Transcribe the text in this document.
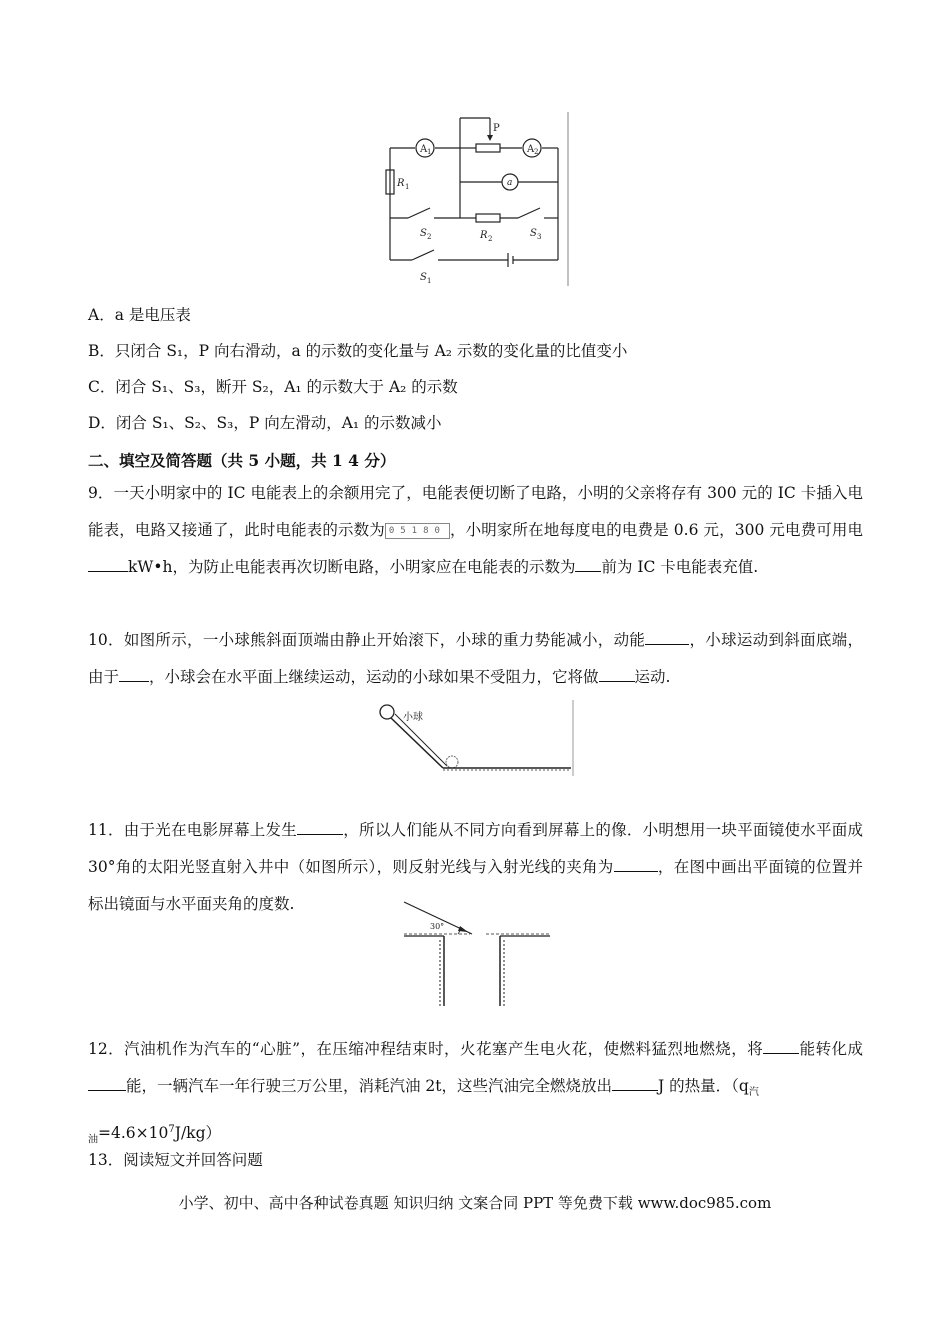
P
A 1	A 2
a
R 1
R 2
S 2	S 3
S 1
A．a 是电压表
B．只闭合 S₁，P 向右滑动，a 的示数的变化量与 A₂ 示数的变化量的比值变小
C．闭合 S₁、S₃，断开 S₂，A₁ 的示数大于 A₂ 的示数
D．闭合 S₁、S₂、S₃，P 向左滑动，A₁ 的示数减小
二、填空及简答题（共 5 小题，共 1 4 分）
9．一天小明家中的 IC 电能表上的余额用完了，电能表便切断了电路，小明的父亲将存有 300 元的 IC 卡插入电能表，电路又接通了，此时电能表的示数为 05180 ，小明家所在地每度电的电费是 0.6 元，300 元电费可用电kW•h，为防止电能表再次切断电路，小明家应在电能表的示数为 前为 IC 卡电能表充值.
10．如图所示，一小球熊斜面顶端由静止开始滚下，小球的重力势能减小，动能	，小球运动到斜面底端，由于 ，小球会在水平面上继续运动，运动的小球如果不受阻力，它将做 运动.
小球
11．由于光在电影屏幕上发生	，所以人们能从不同方向看到屏幕上的像．小明想用一块平面镜使水平面成 30°角的太阳光竖直射入井中（如图所示），则反射光线与入射光线的夹角为	，在图中画出平面镜的位置并标出镜面与水平面夹角的度数.
30°
12．汽油机作为汽车的“心脏”，在压缩冲程结束时，火花塞产生电火花，使燃料猛烈地燃烧，将 能转化成能，一辆汽车一年行驶三万公里，消耗汽油 2t，这些汽油完全燃烧放出	J 的热量．（$q_汽$
$_油=4.6\times 10^7J/kg$）
13．阅读短文并回答问题
小学、初中、高中各种试卷真题 知识归纳 文案合同 PPT 等免费下载 www.doc985.com
